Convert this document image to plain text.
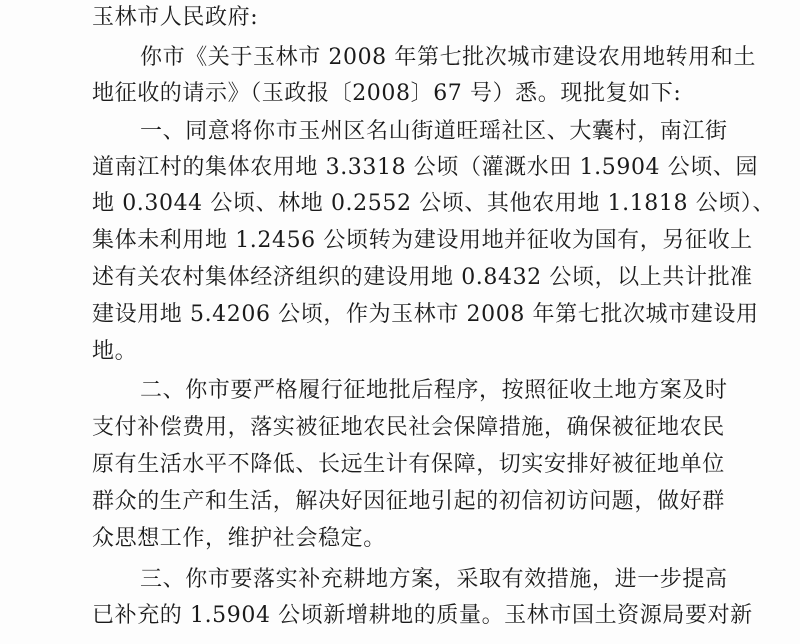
玉林市人民政府:
你市《关于玉林市 2008 年第七批次城市建设农用地转用和土
地征收的请示》（玉政报〔2008〕67 号）悉。现批复如下:
一、同意将你市玉州区名山街道旺瑶社区、大囊村，南江街
道南江村的集体农用地 3.3318 公顷（灌溉水田 1.5904 公顷、园
地 0.3044 公顷、林地 0.2552 公顷、其他农用地 1.1818 公顷）、
集体未利用地 1.2456 公顷转为建设用地并征收为国有，另征收上
述有关农村集体经济组织的建设用地 0.8432 公顷，以上共计批准
建设用地 5.4206 公顷，作为玉林市 2008 年第七批次城市建设用
地。
二、你市要严格履行征地批后程序，按照征收土地方案及时
支付补偿费用，落实被征地农民社会保障措施，确保被征地农民
原有生活水平不降低、长远生计有保障，切实安排好被征地单位
群众的生产和生活，解决好因征地引起的初信初访问题，做好群
众思想工作，维护社会稳定。
三、你市要落实补充耕地方案，采取有效措施，进一步提高
已补充的 1.5904 公顷新增耕地的质量。玉林市国土资源局要对新
